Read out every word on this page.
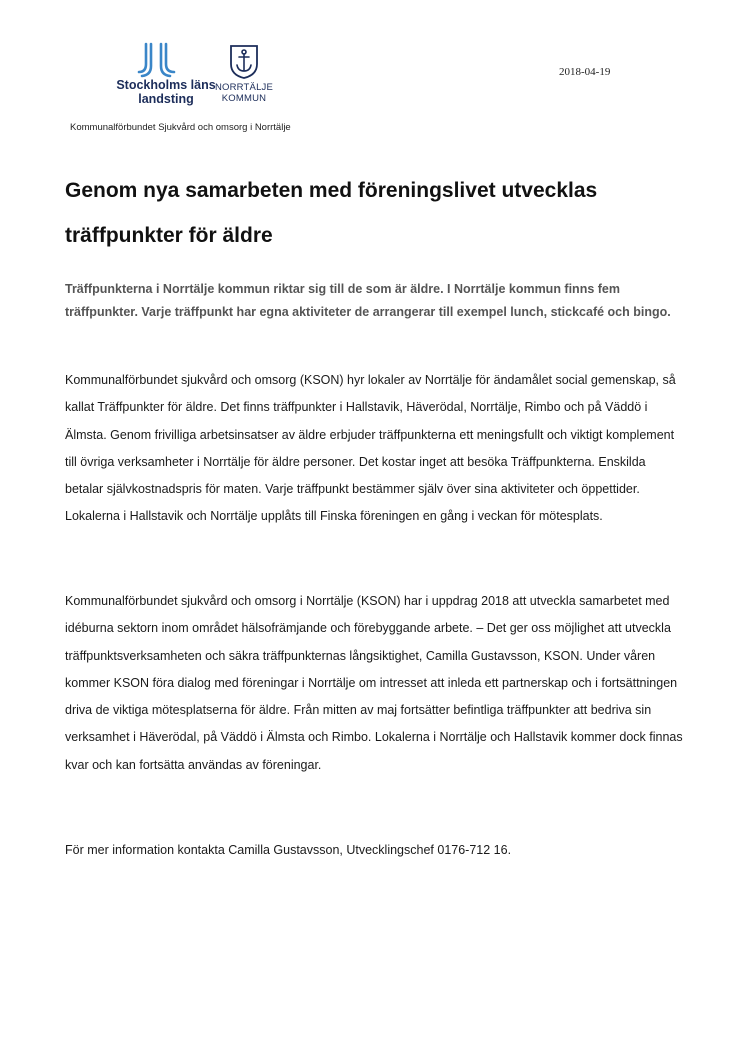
Stockholms läns
landsting
NORRTÄLJE
KOMMUN
Kommunalförbundet Sjukvård och omsorg i Norrtälje
2018-04-19
Genom nya samarbeten med föreningslivet utvecklas träffpunkter för äldre

Träffpunkterna i Norrtälje kommun riktar sig till de som är äldre. I Norrtälje kommun finns fem träffpunkter. Varje träffpunkt har egna aktiviteter de arrangerar till exempel lunch, stickcafé och bingo.

Kommunalförbundet sjukvård och omsorg (KSON) hyr lokaler av Norrtälje för ändamålet social gemenskap, så kallat Träffpunkter för äldre. Det finns träffpunkter i Hallstavik, Häverödal, Norrtälje, Rimbo och på Väddö i Älmsta. Genom frivilliga arbetsinsatser av äldre erbjuder träffpunkterna ett meningsfullt och viktigt komplement till övriga verksamheter i Norrtälje för äldre personer. Det kostar inget att besöka Träffpunkterna. Enskilda betalar självkostnadspris för maten. Varje träffpunkt bestämmer själv över sina aktiviteter och öppettider. Lokalerna i Hallstavik och Norrtälje upplåts till Finska föreningen en gång i veckan för mötesplats.

Kommunalförbundet sjukvård och omsorg i Norrtälje (KSON) har i uppdrag 2018 att utveckla samarbetet med idéburna sektorn inom området hälsofrämjande och förebyggande arbete. – Det ger oss möjlighet att utveckla träffpunktsverksamheten och säkra träffpunkternas långsiktighet, Camilla Gustavsson, KSON. Under våren kommer KSON föra dialog med föreningar i Norrtälje om intresset att inleda ett partnerskap och i fortsättningen driva de viktiga mötesplatserna för äldre. Från mitten av maj fortsätter befintliga träffpunkter att bedriva sin verksamhet i Häverödal, på Väddö i Älmsta och Rimbo. Lokalerna i Norrtälje och Hallstavik kommer dock finnas kvar och kan fortsätta användas av föreningar.

För mer information kontakta Camilla Gustavsson, Utvecklingschef 0176-712 16.
